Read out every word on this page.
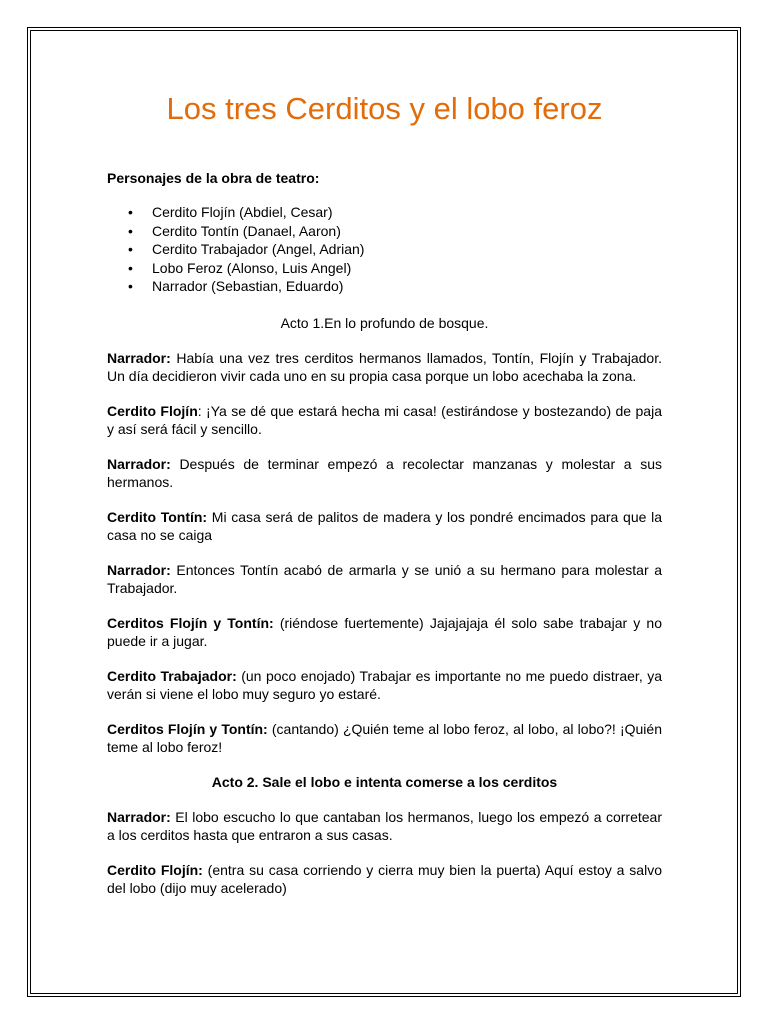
Los tres Cerditos y el lobo feroz

Personajes de la obra de teatro:

• Cerdito Flojín (Abdiel, Cesar)
• Cerdito Tontín (Danael, Aaron)
• Cerdito Trabajador (Angel, Adrian)
• Lobo Feroz (Alonso, Luis Angel)
• Narrador (Sebastian, Eduardo)

Acto 1.En lo profundo de bosque.

Narrador: Había una vez tres cerditos hermanos llamados, Tontín, Flojín y Trabajador. Un día decidieron vivir cada uno en su propia casa porque un lobo acechaba la zona.

Cerdito Flojín: ¡Ya se dé que estará hecha mi casa! (estirándose y bostezando) de paja y así será fácil y sencillo.

Narrador: Después de terminar empezó a recolectar manzanas y molestar a sus hermanos.

Cerdito Tontín: Mi casa será de palitos de madera y los pondré encimados para que la casa no se caiga

Narrador: Entonces Tontín acabó de armarla y se unió a su hermano para molestar a Trabajador.

Cerditos Flojín y Tontín: (riéndose fuertemente) Jajajajaja él solo sabe trabajar y no puede ir a jugar.

Cerdito Trabajador: (un poco enojado) Trabajar es importante no me puedo distraer, ya verán si viene el lobo muy seguro yo estaré.

Cerditos Flojín y Tontín: (cantando) ¿Quién teme al lobo feroz, al lobo, al lobo?! ¡Quién teme al lobo feroz!

Acto 2. Sale el lobo e intenta comerse a los cerditos

Narrador: El lobo escucho lo que cantaban los hermanos, luego los empezó a corretear a los cerditos hasta que entraron a sus casas.

Cerdito Flojín: (entra su casa corriendo y cierra muy bien la puerta) Aquí estoy a salvo del lobo (dijo muy acelerado)
